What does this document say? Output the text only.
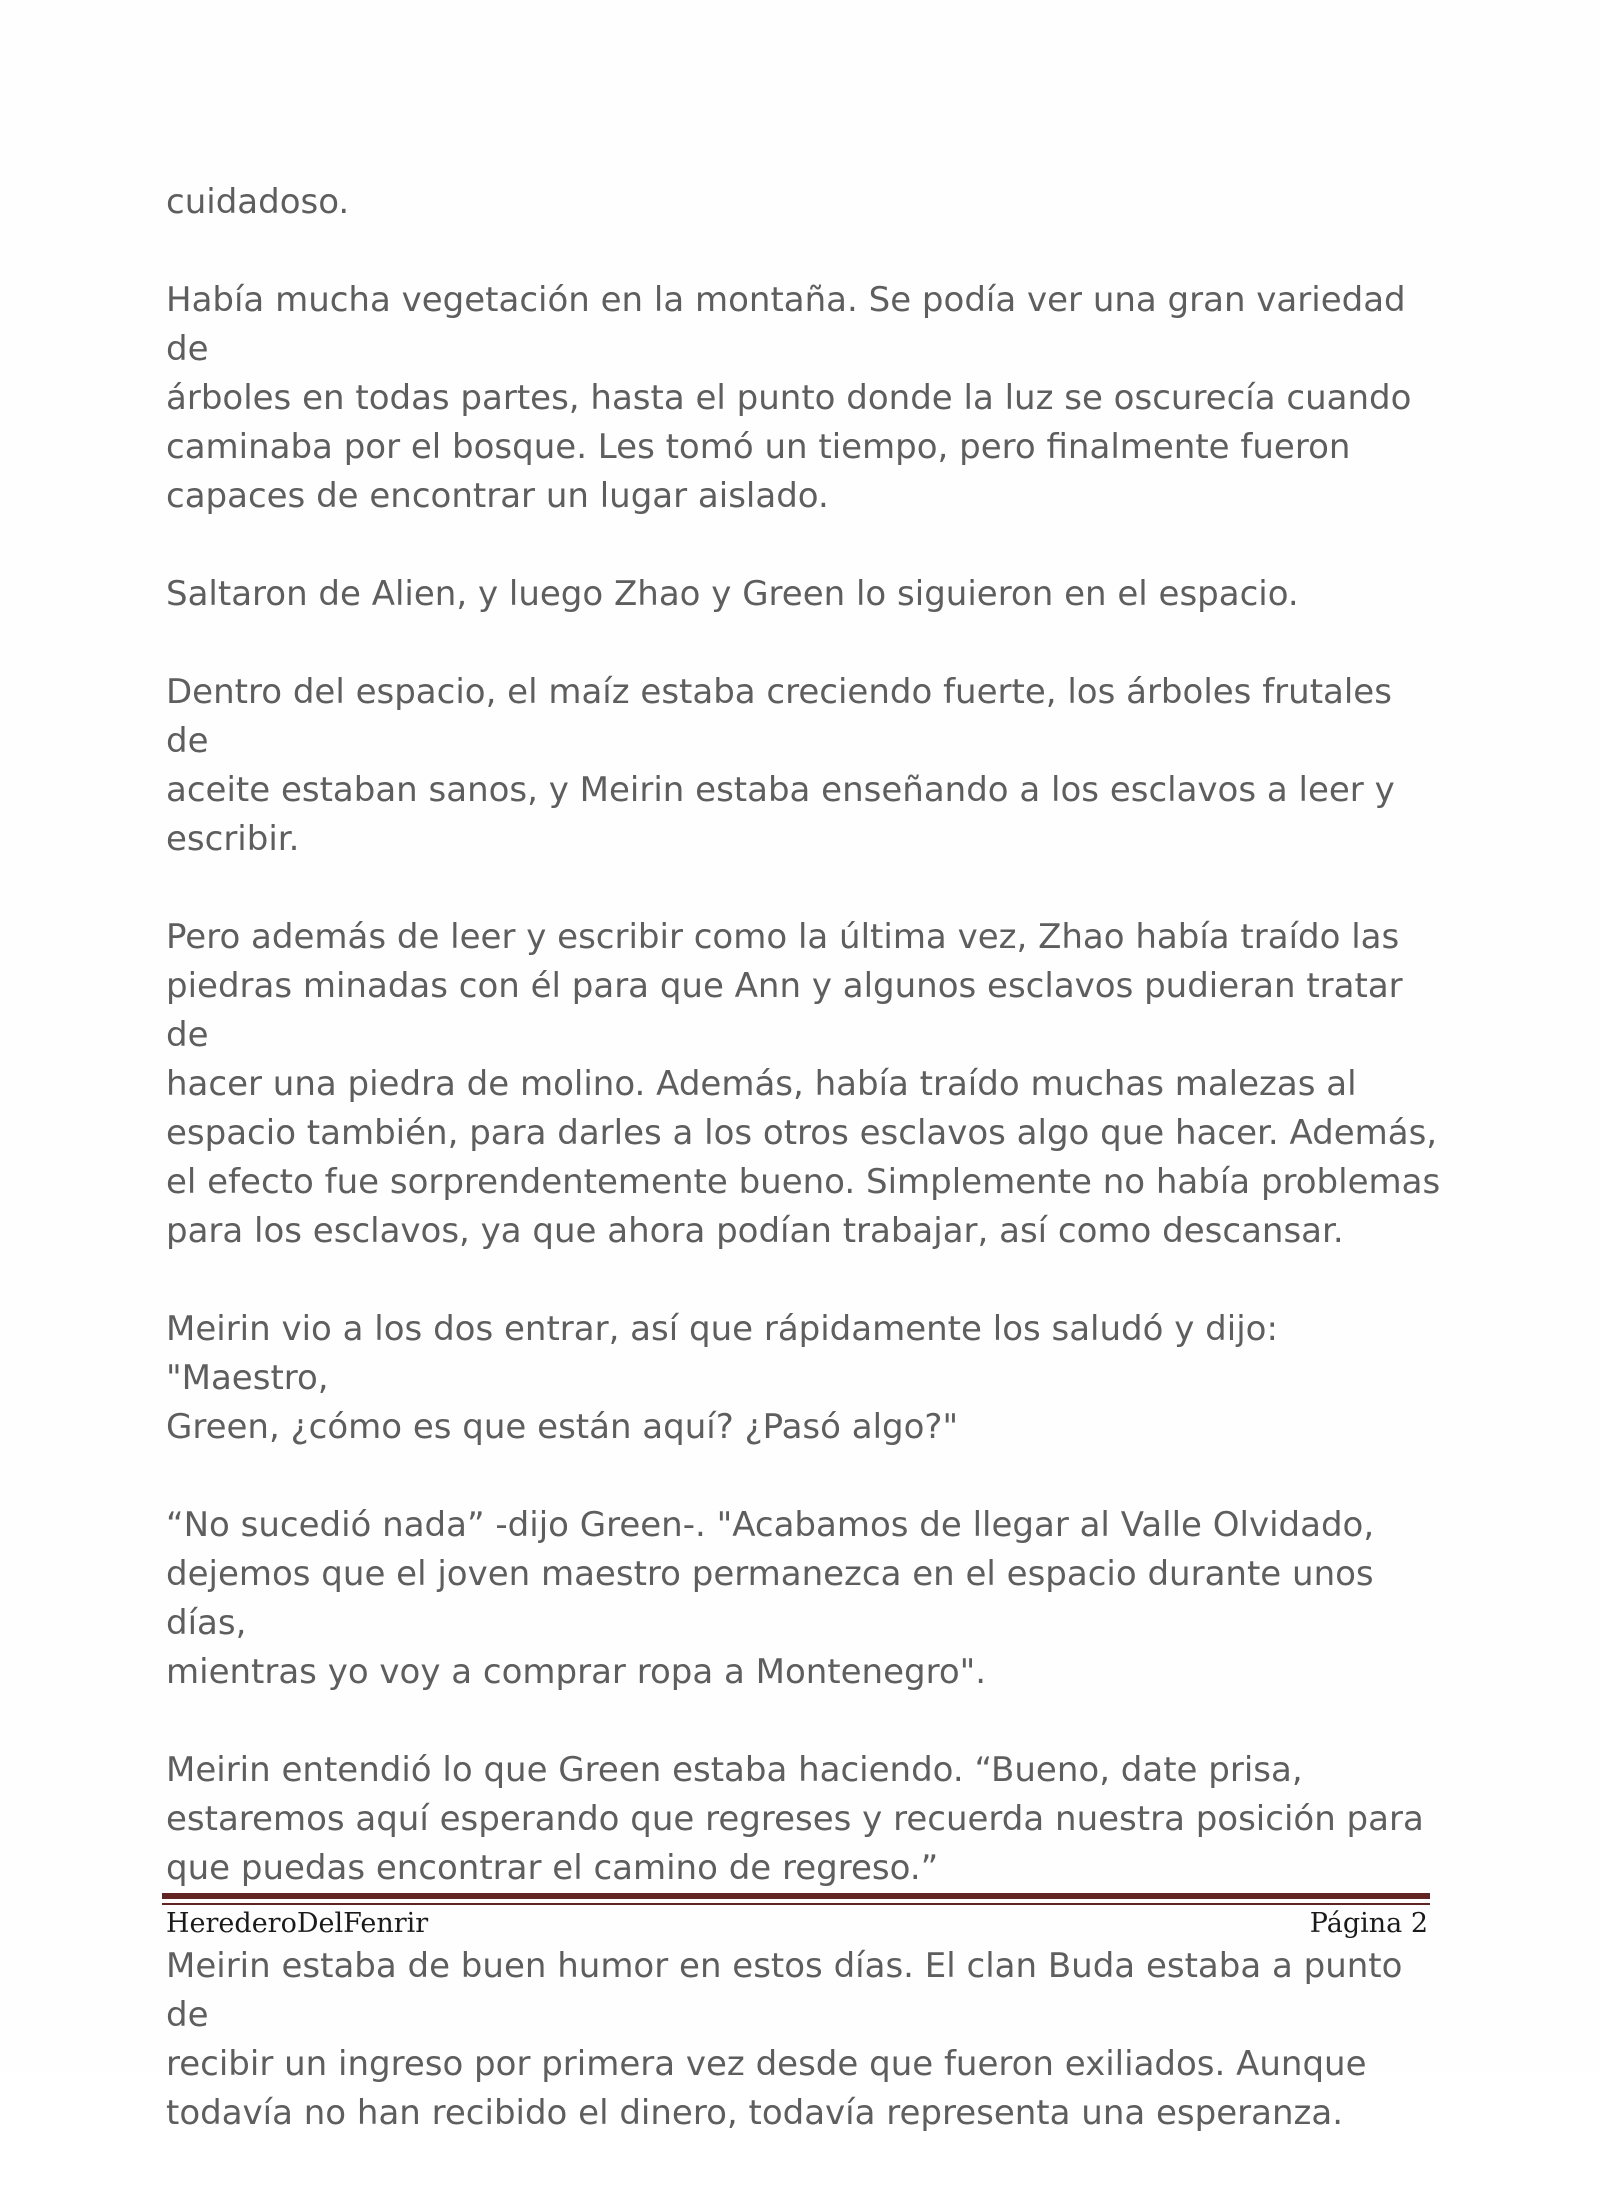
cuidadoso.

Había mucha vegetación en la montaña. Se podía ver una gran variedad de
árboles en todas partes, hasta el punto donde la luz se oscurecía cuando
caminaba por el bosque. Les tomó un tiempo, pero finalmente fueron
capaces de encontrar un lugar aislado.

Saltaron de Alien, y luego Zhao y Green lo siguieron en el espacio.

Dentro del espacio, el maíz estaba creciendo fuerte, los árboles frutales de
aceite estaban sanos, y Meirin estaba enseñando a los esclavos a leer y
escribir.

Pero además de leer y escribir como la última vez, Zhao había traído las
piedras minadas con él para que Ann y algunos esclavos pudieran tratar de
hacer una piedra de molino. Además, había traído muchas malezas al
espacio también, para darles a los otros esclavos algo que hacer. Además,
el efecto fue sorprendentemente bueno. Simplemente no había problemas
para los esclavos, ya que ahora podían trabajar, así como descansar.

Meirin vio a los dos entrar, así que rápidamente los saludó y dijo: "Maestro,
Green, ¿cómo es que están aquí? ¿Pasó algo?"

“No sucedió nada” -dijo Green-. "Acabamos de llegar al Valle Olvidado,
dejemos que el joven maestro permanezca en el espacio durante unos días,
mientras yo voy a comprar ropa a Montenegro".

Meirin entendió lo que Green estaba haciendo. “Bueno, date prisa,
estaremos aquí esperando que regreses y recuerda nuestra posición para
que puedas encontrar el camino de regreso.”

Meirin estaba de buen humor en estos días. El clan Buda estaba a punto de
recibir un ingreso por primera vez desde que fueron exiliados. Aunque
todavía no han recibido el dinero, todavía representa una esperanza.

HerederoDelFenrir	Página 2
